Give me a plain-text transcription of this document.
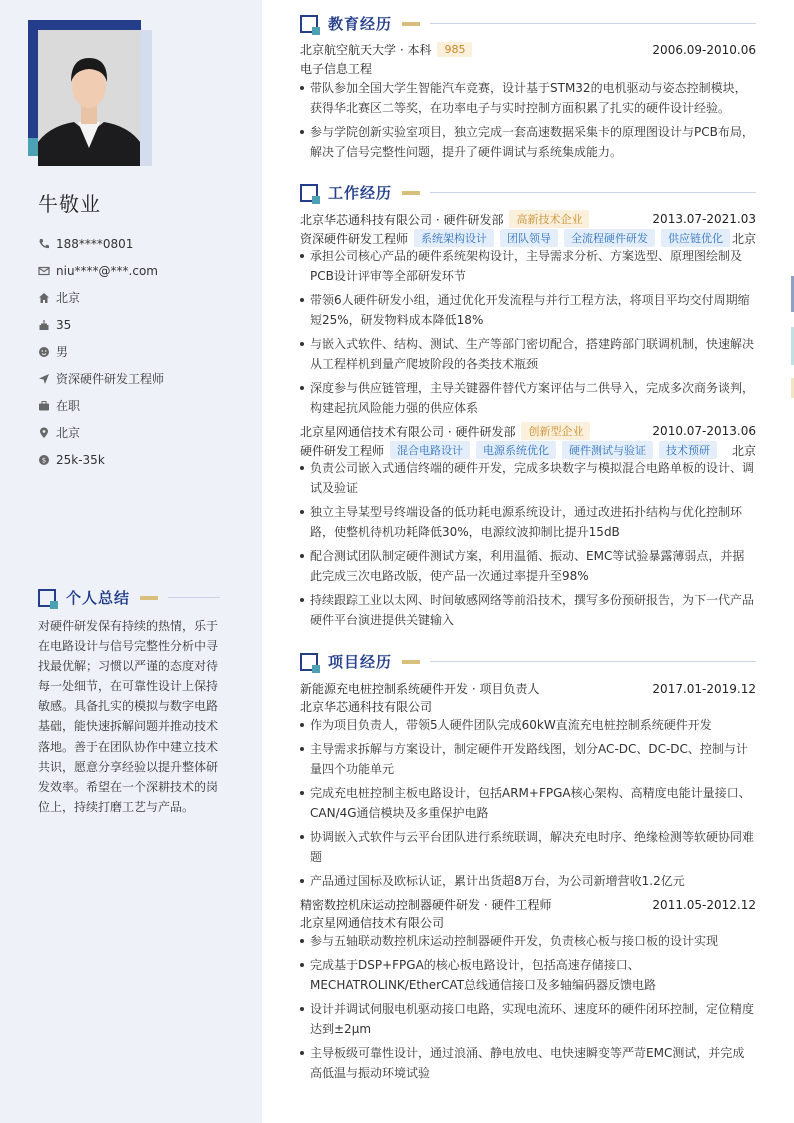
牛敬业
188****0801
niu****@***.com
北京
35
男
资深硬件研发工程师
在职
北京
$ 25k-35k
个人总结
对硬件研发保有持续的热情，乐于在电路设计与信号完整性分析中寻找最优解；习惯以严谨的态度对待每一处细节，在可靠性设计上保持敏感。具备扎实的模拟与数字电路基础，能快速拆解问题并推动技术落地。善于在团队协作中建立技术共识，愿意分享经验以提升整体研发效率。希望在一个深耕技术的岗位上，持续打磨工艺与产品。
教育经历
北京航空航天大学 · 本科	985	2006.09-2010.06
电子信息工程
带队参加全国大学生智能汽车竞赛，设计基于STM32的电机驱动与姿态控制模块，获得华北赛区二等奖，在功率电子与实时控制方面积累了扎实的硬件设计经验。
参与学院创新实验室项目，独立完成一套高速数据采集卡的原理图设计与PCB布局，解决了信号完整性问题，提升了硬件调试与系统集成能力。
工作经历
北京华芯通科技有限公司 · 硬件研发部	高新技术企业	2013.07-2021.03
资深硬件研发工程师	系统架构设计	团队领导	全流程硬件研发	供应链优化 北京
承担公司核心产品的硬件系统架构设计，主导需求分析、方案选型、原理图绘制及PCB设计评审等全部研发环节
带领6人硬件研发小组，通过优化开发流程与并行工程方法，将项目平均交付周期缩短25%，研发物料成本降低18%
与嵌入式软件、结构、测试、生产等部门密切配合，搭建跨部门联调机制，快速解决从工程样机到量产爬坡阶段的各类技术瓶颈
深度参与供应链管理，主导关键器件替代方案评估与二供导入，完成多次商务谈判，构建起抗风险能力强的供应体系
北京星网通信技术有限公司 · 硬件研发部	创新型企业	2010.07-2013.06
硬件研发工程师	混合电路设计	电源系统优化	硬件测试与验证	技术预研	北京
负责公司嵌入式通信终端的硬件开发，完成多块数字与模拟混合电路单板的设计、调试及验证
独立主导某型号终端设备的低功耗电源系统设计，通过改进拓扑结构与优化控制环路，使整机待机功耗降低30%，电源纹波抑制比提升15dB
配合测试团队制定硬件测试方案，利用温循、振动、EMC等试验暴露薄弱点，并据此完成三次电路改版，使产品一次通过率提升至98%
持续跟踪工业以太网、时间敏感网络等前沿技术，撰写多份预研报告，为下一代产品硬件平台演进提供关键输入
项目经历
新能源充电桩控制系统硬件开发 · 项目负责人	2017.01-2019.12
北京华芯通科技有限公司
作为项目负责人，带领5人硬件团队完成60kW直流充电桩控制系统硬件开发
主导需求拆解与方案设计，制定硬件开发路线图，划分AC-DC、DC-DC、控制与计量四个功能单元
完成充电桩控制主板电路设计，包括ARM+FPGA核心架构、高精度电能计量接口、CAN/4G通信模块及多重保护电路
协调嵌入式软件与云平台团队进行系统联调，解决充电时序、绝缘检测等软硬协同难题
产品通过国标及欧标认证，累计出货超8万台，为公司新增营收1.2亿元
精密数控机床运动控制器硬件研发 · 硬件工程师	2011.05-2012.12
北京星网通信技术有限公司
参与五轴联动数控机床运动控制器硬件开发，负责核心板与接口板的设计实现
完成基于DSP+FPGA的核心板电路设计，包括高速存储接口、MECHATROLINK/EtherCAT总线通信接口及多轴编码器反馈电路
设计并调试伺服电机驱动接口电路，实现电流环、速度环的硬件闭环控制，定位精度达到±2μm
主导板级可靠性设计，通过浪涌、静电放电、电快速瞬变等严苛EMC测试，并完成高低温与振动环境试验
